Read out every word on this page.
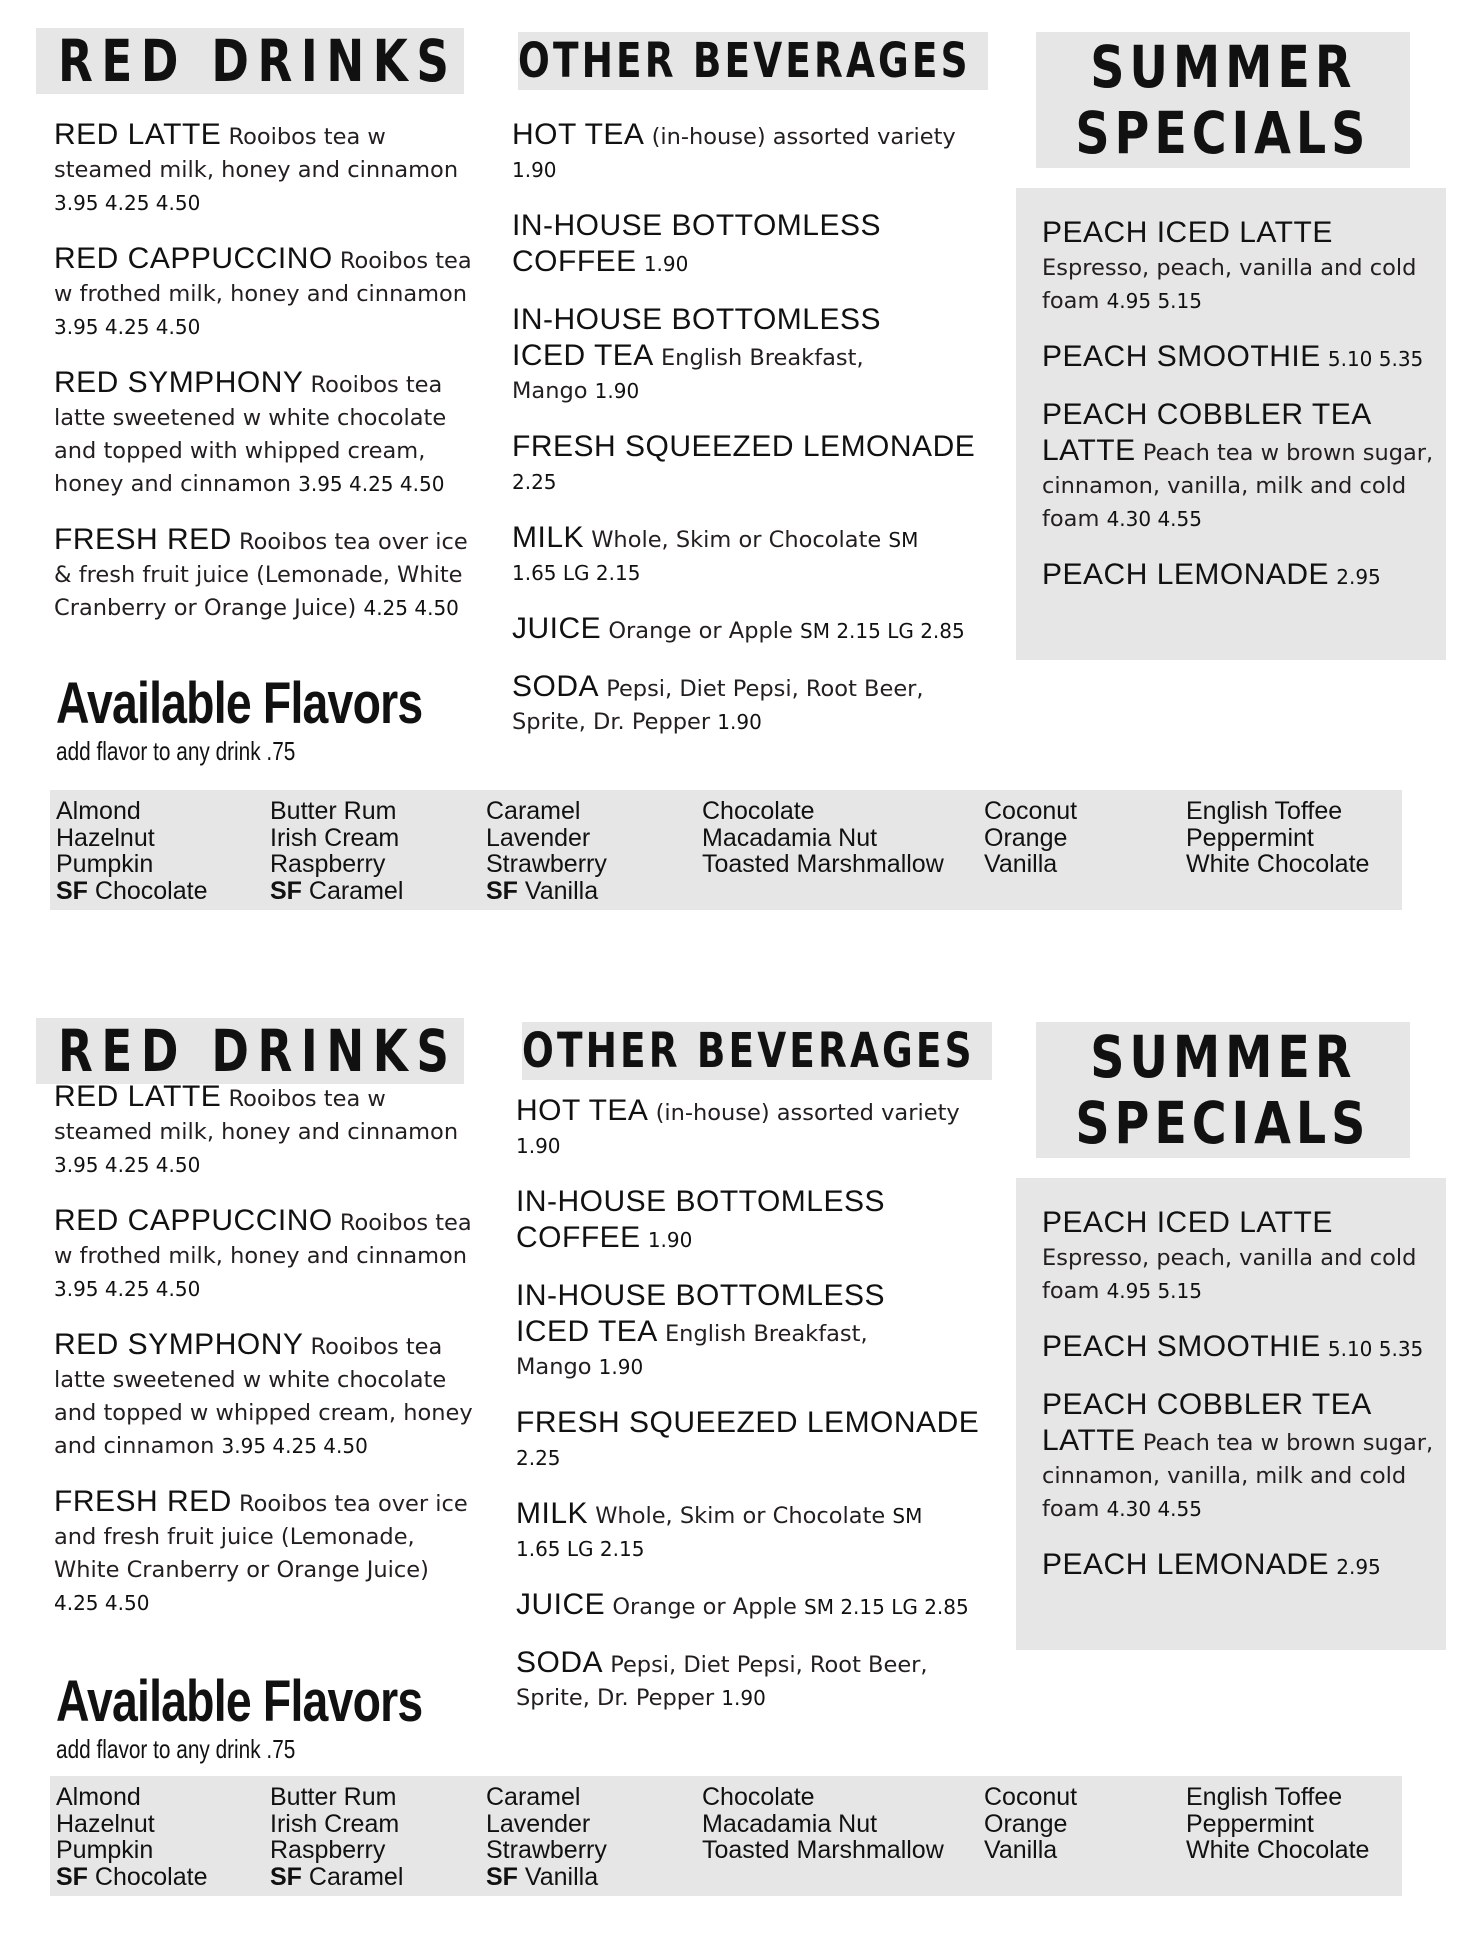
RED DRINKS OTHER BEVERAGES	SUMMER
SPECIALS

RED LATTE Rooibos tea w steamed milk, honey and cinnamon 3.95 4.25 4.50

RED CAPPUCCINO Rooibos tea w frothed milk, honey and cinnamon 3.95 4.25 4.50

RED SYMPHONY Rooibos tea latte sweetened w white chocolate and topped with whipped cream, honey and cinnamon 3.95 4.25 4.50

FRESH RED Rooibos tea over ice & fresh fruit juice (Lemonade, White Cranberry or Orange Juice) 4.25 4.50

HOT TEA (in-house) assorted variety 1.90

IN-HOUSE BOTTOMLESS COFFEE 1.90

IN-HOUSE BOTTOMLESS ICED TEA English Breakfast, Mango 1.90

FRESH SQUEEZED LEMONADE 2.25

MILK Whole, Skim or Chocolate SM 1.65 LG 2.15

JUICE Orange or Apple SM 2.15 LG 2.85

SODA Pepsi, Diet Pepsi, Root Beer, Sprite, Dr. Pepper 1.90

PEACH ICED LATTE Espresso, peach, vanilla and cold foam 4.95 5.15

PEACH SMOOTHIE 5.10 5.35

PEACH COBBLER TEA LATTE Peach tea w brown sugar, cinnamon, vanilla, milk and cold foam 4.30 4.55

PEACH LEMONADE 2.95

Available Flavors
add flavor to any drink .75
Almond
Hazelnut
Pumpkin
SF Chocolate
Butter Rum
Irish Cream
Raspberry
SF Caramel
Caramel
Lavender
Strawberry
SF Vanilla
Chocolate
Macadamia Nut
Toasted Marshmallow
Coconut
Orange
Vanilla
English Toffee
Peppermint
White Chocolate
RED DRINKS OTHER BEVERAGES	SUMMER
SPECIALS

RED LATTE Rooibos tea w steamed milk, honey and cinnamon 3.95 4.25 4.50

RED CAPPUCCINO Rooibos tea w frothed milk, honey and cinnamon 3.95 4.25 4.50

RED SYMPHONY Rooibos tea latte sweetened w white chocolate and topped w whipped cream, honey and cinnamon 3.95 4.25 4.50

FRESH RED Rooibos tea over ice and fresh fruit juice (Lemonade, White Cranberry or Orange Juice) 4.25 4.50

HOT TEA (in-house) assorted variety 1.90

IN-HOUSE BOTTOMLESS COFFEE 1.90

IN-HOUSE BOTTOMLESS ICED TEA English Breakfast, Mango 1.90

FRESH SQUEEZED LEMONADE 2.25

MILK Whole, Skim or Chocolate SM 1.65 LG 2.15

JUICE Orange or Apple SM 2.15 LG 2.85

SODA Pepsi, Diet Pepsi, Root Beer, Sprite, Dr. Pepper 1.90

PEACH ICED LATTE Espresso, peach, vanilla and cold foam 4.95 5.15

PEACH SMOOTHIE 5.10 5.35

PEACH COBBLER TEA LATTE Peach tea w brown sugar, cinnamon, vanilla, milk and cold foam 4.30 4.55

PEACH LEMONADE 2.95

Available Flavors
add flavor to any drink .75
Almond
Hazelnut
Pumpkin
SF Chocolate
Butter Rum
Irish Cream
Raspberry
SF Caramel
Caramel
Lavender
Strawberry
SF Vanilla
Chocolate
Macadamia Nut
Toasted Marshmallow
Coconut
Orange
Vanilla
English Toffee
Peppermint
White Chocolate
